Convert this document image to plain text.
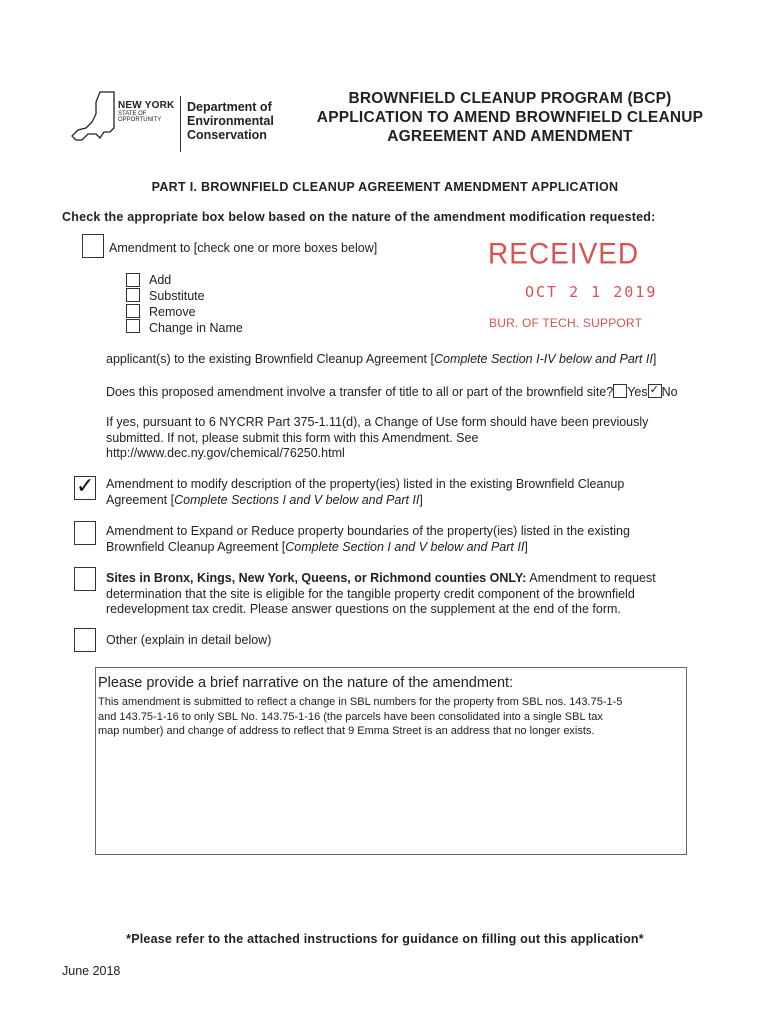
NEW YORK
STATE OF
OPPORTUNITY
Department of
Environmental
Conservation
BROWNFIELD CLEANUP PROGRAM (BCP)
APPLICATION TO AMEND BROWNFIELD CLEANUP
AGREEMENT AND AMENDMENT
PART I. BROWNFIELD CLEANUP AGREEMENT AMENDMENT APPLICATION
Check the appropriate box below based on the nature of the amendment modification requested:
Amendment to [check one or more boxes below]
Add
Substitute
Remove
Change in Name
RECEIVED
OCT 2 1 2019
BUR. OF TECH. SUPPORT
applicant(s) to the existing Brownfield Cleanup Agreement [Complete Section I-IV below and Part II]
Does this proposed amendment involve a transfer of title to all or part of the brownfield site? Yes ✓ No
If yes, pursuant to 6 NYCRR Part 375-1.11(d), a Change of Use form should have been previously
submitted. If not, please submit this form with this Amendment. See
http://www.dec.ny.gov/chemical/76250.html
✓ Amendment to modify description of the property(ies) listed in the existing Brownfield Cleanup
Agreement [Complete Sections I and V below and Part II]
Amendment to Expand or Reduce property boundaries of the property(ies) listed in the existing
Brownfield Cleanup Agreement [Complete Section I and V below and Part II]
Sites in Bronx, Kings, New York, Queens, or Richmond counties ONLY: Amendment to request
determination that the site is eligible for the tangible property credit component of the brownfield
redevelopment tax credit. Please answer questions on the supplement at the end of the form.
Other (explain in detail below)
Please provide a brief narrative on the nature of the amendment:
This amendment is submitted to reflect a change in SBL numbers for the property from SBL nos. 143.75-1-5
and 143.75-1-16 to only SBL No. 143.75-1-16 (the parcels have been consolidated into a single SBL tax
map number) and change of address to reflect that 9 Emma Street is an address that no longer exists.
*Please refer to the attached instructions for guidance on filling out this application*
June 2018
